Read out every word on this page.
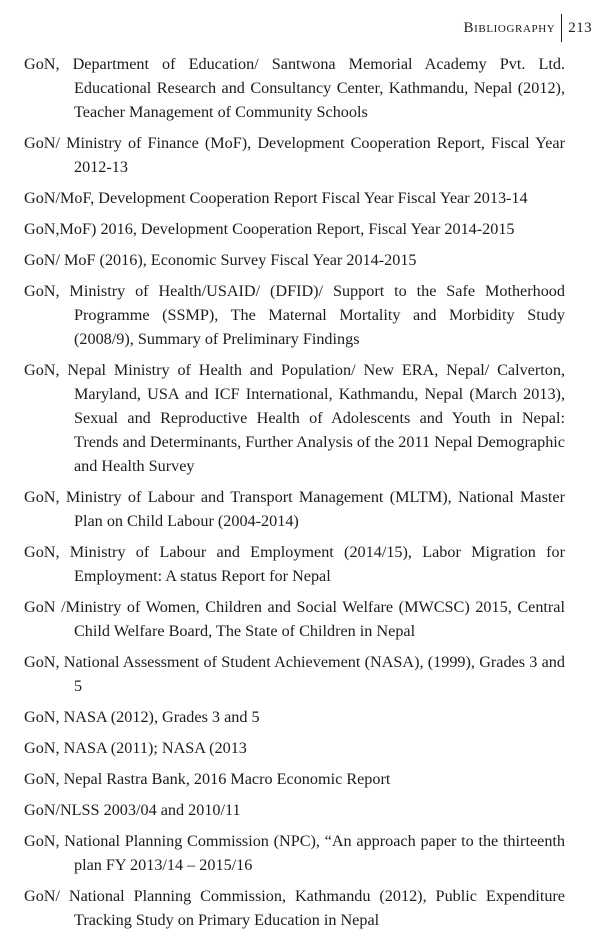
Bibliography 213
GoN, Department of Education/ Santwona Memorial Academy Pvt. Ltd. Educational Research and Consultancy Center, Kathmandu, Nepal (2012), Teacher Management of Community Schools
GoN/ Ministry of Finance (MoF), Development Cooperation Report, Fiscal Year 2012-13
GoN/MoF, Development Cooperation Report Fiscal Year Fiscal Year 2013-14
GoN,MoF) 2016, Development Cooperation Report, Fiscal Year 2014-2015
GoN/ MoF (2016), Economic Survey Fiscal Year 2014-2015
GoN, Ministry of Health/USAID/ (DFID)/ Support to the Safe Motherhood Programme (SSMP), The Maternal Mortality and Morbidity Study (2008/9), Summary of Preliminary Findings
GoN, Nepal Ministry of Health and Population/ New ERA, Nepal/ Calverton, Maryland, USA and ICF International, Kathmandu, Nepal (March 2013), Sexual and Reproductive Health of Adolescents and Youth in Nepal: Trends and Determinants, Further Analysis of the 2011 Nepal Demographic and Health Survey
GoN, Ministry of Labour and Transport Management (MLTM), National Master Plan on Child Labour (2004-2014)
GoN, Ministry of Labour and Employment (2014/15), Labor Migration for Employment: A status Report for Nepal
GoN /Ministry of Women, Children and Social Welfare (MWCSC) 2015, Central Child Welfare Board, The State of Children in Nepal
GoN, National Assessment of Student Achievement (NASA), (1999), Grades 3 and 5
GoN, NASA (2012), Grades 3 and 5
GoN, NASA (2011); NASA (2013
GoN, Nepal Rastra Bank, 2016 Macro Economic Report
GoN/NLSS 2003/04 and 2010/11
GoN, National Planning Commission (NPC), “An approach paper to the thirteenth plan FY 2013/14 – 2015/16
GoN/ National Planning Commission, Kathmandu (2012), Public Expenditure Tracking Study on Primary Education in Nepal
